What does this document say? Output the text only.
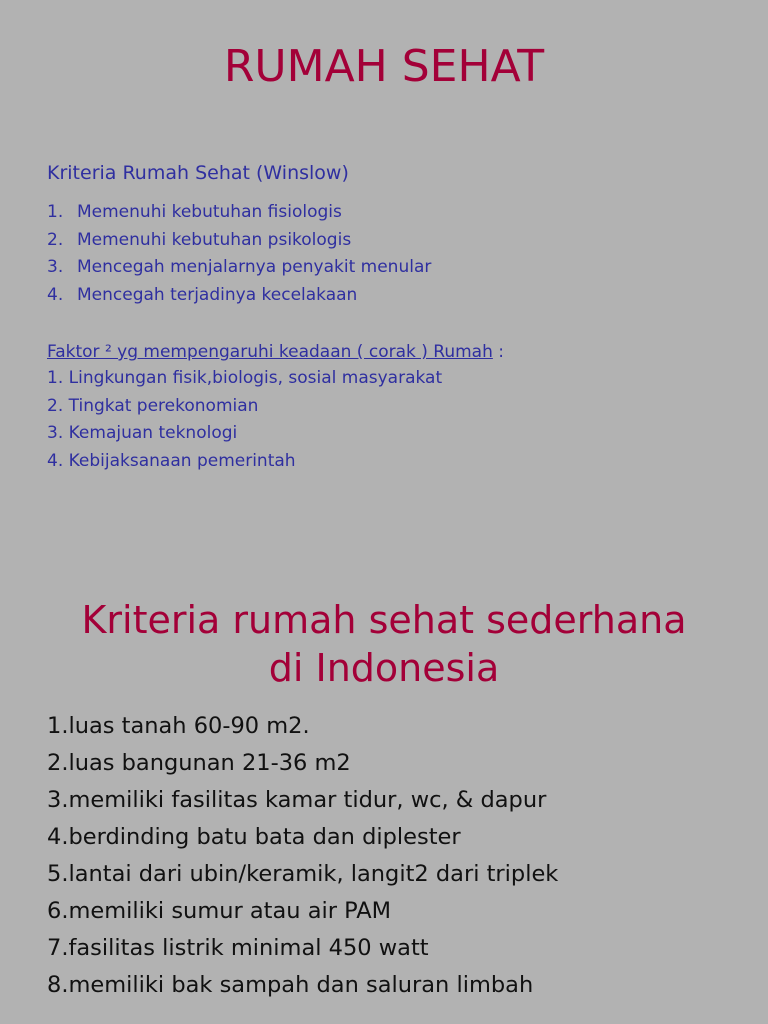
RUMAH SEHAT

Kriteria Rumah Sehat (Winslow)

1. Memenuhi kebutuhan fisiologis
2. Memenuhi kebutuhan psikologis
3. Mencegah menjalarnya penyakit menular
4. Mencegah terjadinya kecelakaan

Faktor ² yg mempengaruhi keadaan ( corak ) Rumah :

1. Lingkungan fisik,biologis, sosial masyarakat
2. Tingkat perekonomian
3. Kemajuan teknologi
4. Kebijaksanaan pemerintah
Kriteria rumah sehat sederhana
di Indonesia
1.luas tanah 60-90 m2.
2.luas bangunan 21-36 m2
3.memiliki fasilitas kamar tidur, wc, & dapur
4.berdinding batu bata dan diplester
5.lantai dari ubin/keramik, langit2 dari triplek
6.memiliki sumur atau air PAM
7.fasilitas listrik minimal 450 watt
8.memiliki bak sampah dan saluran limbah
